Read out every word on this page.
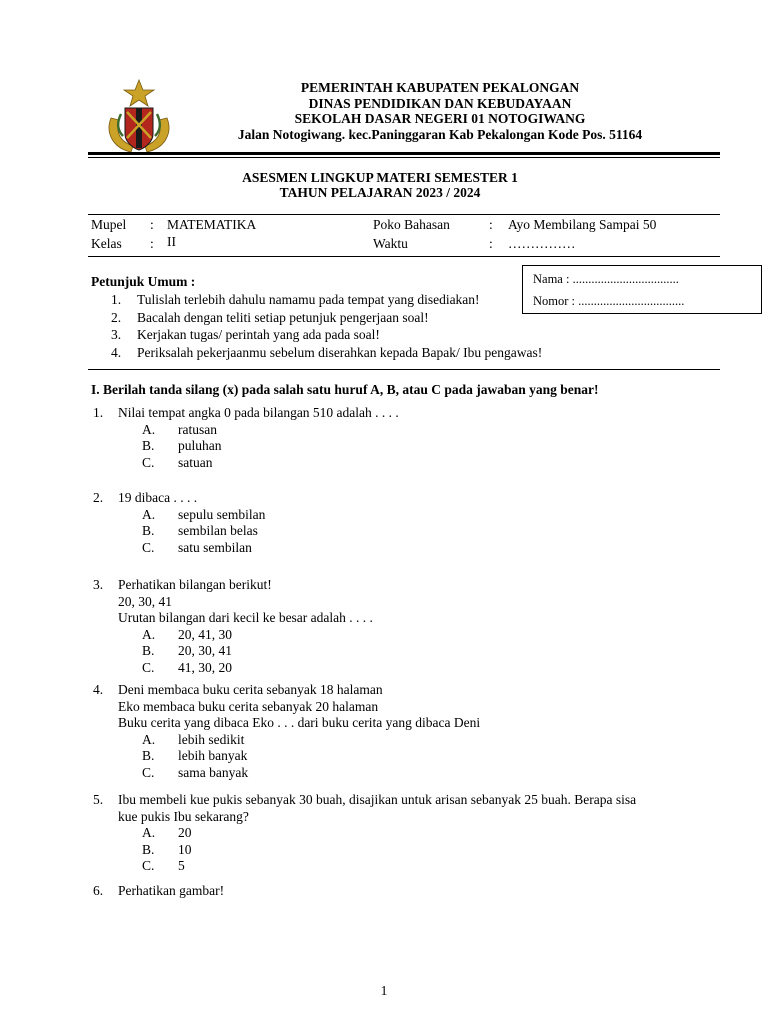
PEMERINTAH KABUPATEN PEKALONGAN
DINAS PENDIDIKAN DAN KEBUDAYAAN
SEKOLAH DASAR NEGERI 01 NOTOGIWANG
Jalan Notogiwang. kec.Paninggaran Kab Pekalongan Kode Pos. 51164
ASESMEN LINGKUP MATERI SEMESTER 1
TAHUN PELAJARAN 2023 / 2024
Mupel : MATEMATIKA	Poko Bahasan	: Ayo Membilang Sampai 50
Kelas : II	Waktu	: ……………
Nama : ..................................
Nomor : ..................................
Petunjuk Umum :
1. Tulislah terlebih dahulu namamu pada tempat yang disediakan!
2. Bacalah dengan teliti setiap petunjuk pengerjaan soal!
3. Kerjakan tugas/ perintah yang ada pada soal!
4. Periksalah pekerjaanmu sebelum diserahkan kepada Bapak/ Ibu pengawas!
I. Berilah tanda silang (x) pada salah satu huruf A, B, atau C pada jawaban yang benar!
1. Nilai tempat angka 0 pada bilangan 510 adalah . . . .
A. ratusan
B. puluhan
C. satuan
2. 19 dibaca . . . .
A. sepulu sembilan
B. sembilan belas
C. satu sembilan
3. Perhatikan bilangan berikut!
20, 30, 41
Urutan bilangan dari kecil ke besar adalah . . . .
A. 20, 41, 30
B. 20, 30, 41
C. 41, 30, 20
4. Deni membaca buku cerita sebanyak 18 halaman
Eko membaca buku cerita sebanyak 20 halaman
Buku cerita yang dibaca Eko . . . dari buku cerita yang dibaca Deni
A. lebih sedikit
B. lebih banyak
C. sama banyak
5. Ibu membeli kue pukis sebanyak 30 buah, disajikan untuk arisan sebanyak 25 buah. Berapa sisa
kue pukis Ibu sekarang?
A. 20
B. 10
C. 5
6. Perhatikan gambar!
1
